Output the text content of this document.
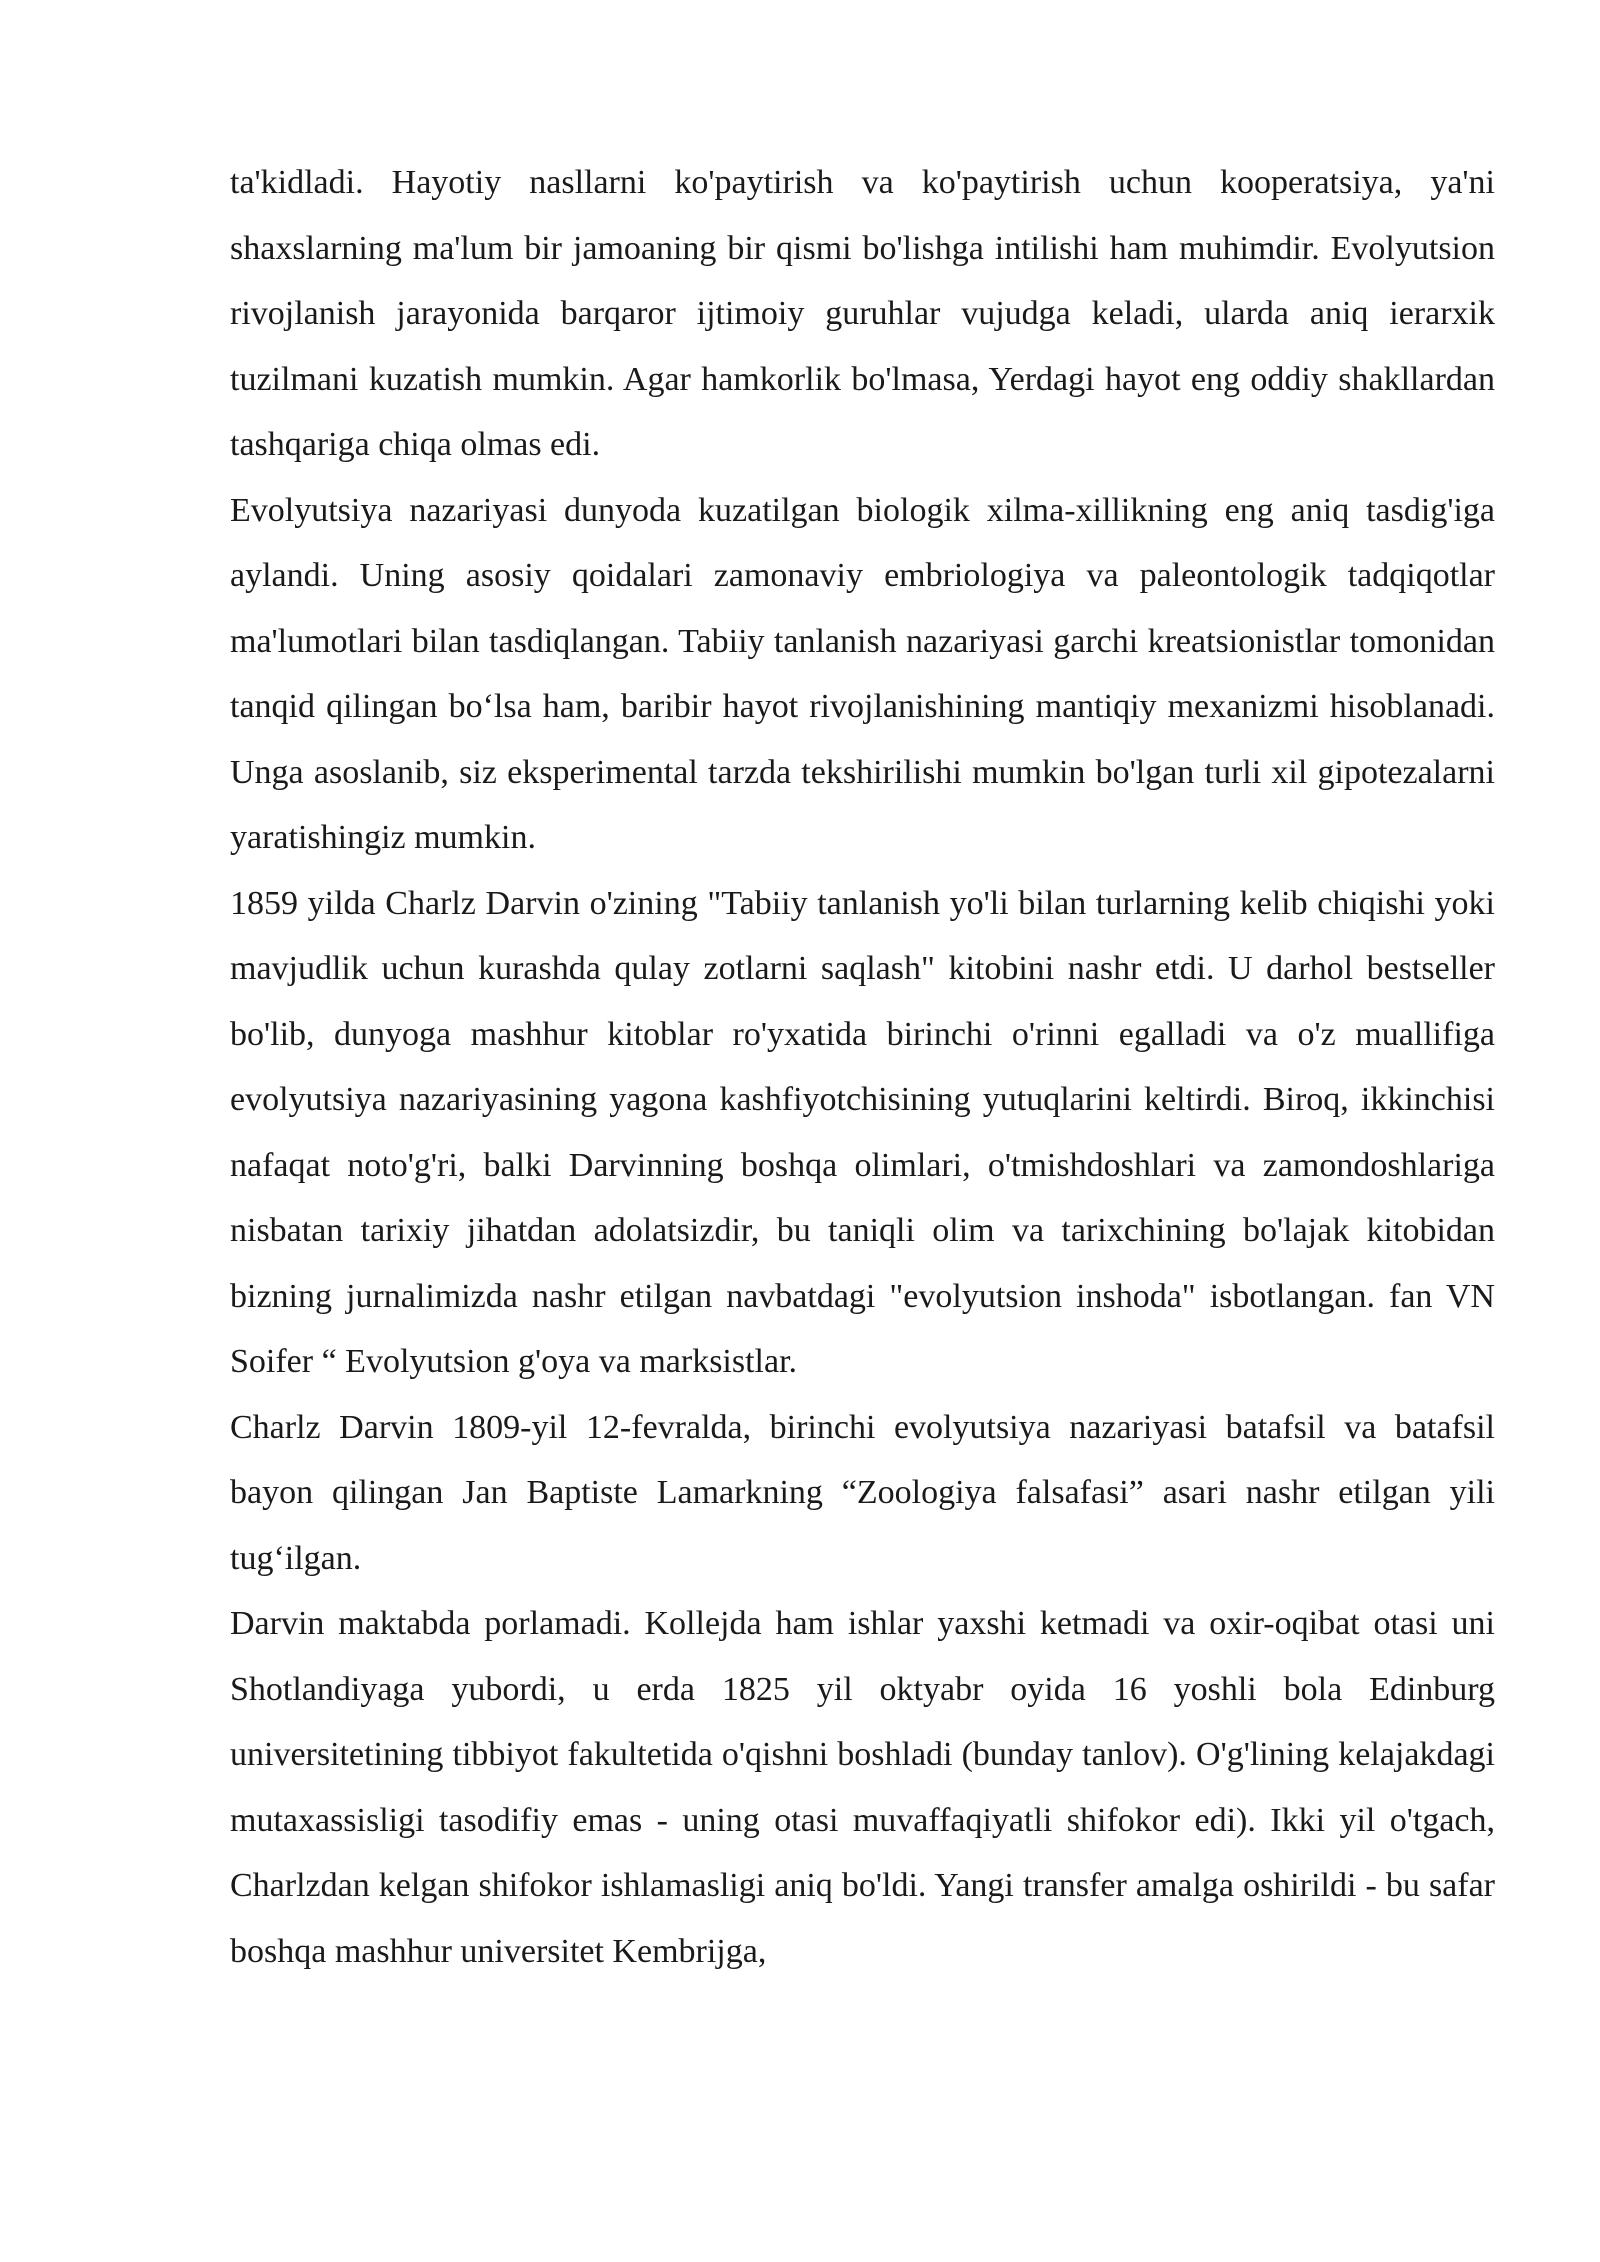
ta'kidladi. Hayotiy nasllarni ko'paytirish va ko'paytirish uchun kooperatsiya, ya'ni shaxslarning ma'lum bir jamoaning bir qismi bo'lishga intilishi ham muhimdir. Evolyutsion rivojlanish jarayonida barqaror ijtimoiy guruhlar vujudga keladi, ularda aniq ierarxik tuzilmani kuzatish mumkin. Agar hamkorlik bo'lmasa, Yerdagi hayot eng oddiy shakllardan tashqariga chiqa olmas edi.

Evolyutsiya nazariyasi dunyoda kuzatilgan biologik xilma-xillikning eng aniq tasdig'iga aylandi. Uning asosiy qoidalari zamonaviy embriologiya va paleontologik tadqiqotlar ma'lumotlari bilan tasdiqlangan. Tabiiy tanlanish nazariyasi garchi kreatsionistlar tomonidan tanqid qilingan bo‘lsa ham, baribir hayot rivojlanishining mantiqiy mexanizmi hisoblanadi. Unga asoslanib, siz eksperimental tarzda tekshirilishi mumkin bo'lgan turli xil gipotezalarni yaratishingiz mumkin.

1859 yilda Charlz Darvin o'zining "Tabiiy tanlanish yo'li bilan turlarning kelib chiqishi yoki mavjudlik uchun kurashda qulay zotlarni saqlash" kitobini nashr etdi. U darhol bestseller bo'lib, dunyoga mashhur kitoblar ro'yxatida birinchi o'rinni egalladi va o'z muallifiga evolyutsiya nazariyasining yagona kashfiyotchisining yutuqlarini keltirdi. Biroq, ikkinchisi nafaqat noto'g'ri, balki Darvinning boshqa olimlari, o'tmishdoshlari va zamondoshlariga nisbatan tarixiy jihatdan adolatsizdir, bu taniqli olim va tarixchining bo'lajak kitobidan bizning jurnalimizda nashr etilgan navbatdagi "evolyutsion inshoda" isbotlangan. fan VN Soifer “ Evolyutsion g'oya va marksistlar.

Charlz Darvin 1809-yil 12-fevralda, birinchi evolyutsiya nazariyasi batafsil va batafsil bayon qilingan Jan Baptiste Lamarkning “Zoologiya falsafasi” asari nashr etilgan yili tug‘ilgan.

Darvin maktabda porlamadi. Kollejda ham ishlar yaxshi ketmadi va oxir-oqibat otasi uni Shotlandiyaga yubordi, u erda 1825 yil oktyabr oyida 16 yoshli bola Edinburg universitetining tibbiyot fakultetida o'qishni boshladi (bunday tanlov). O'g'lining kelajakdagi mutaxassisligi tasodifiy emas - uning otasi muvaffaqiyatli shifokor edi). Ikki yil o'tgach, Charlzdan kelgan shifokor ishlamasligi aniq bo'ldi. Yangi transfer amalga oshirildi - bu safar boshqa mashhur universitet Kembrijga,
